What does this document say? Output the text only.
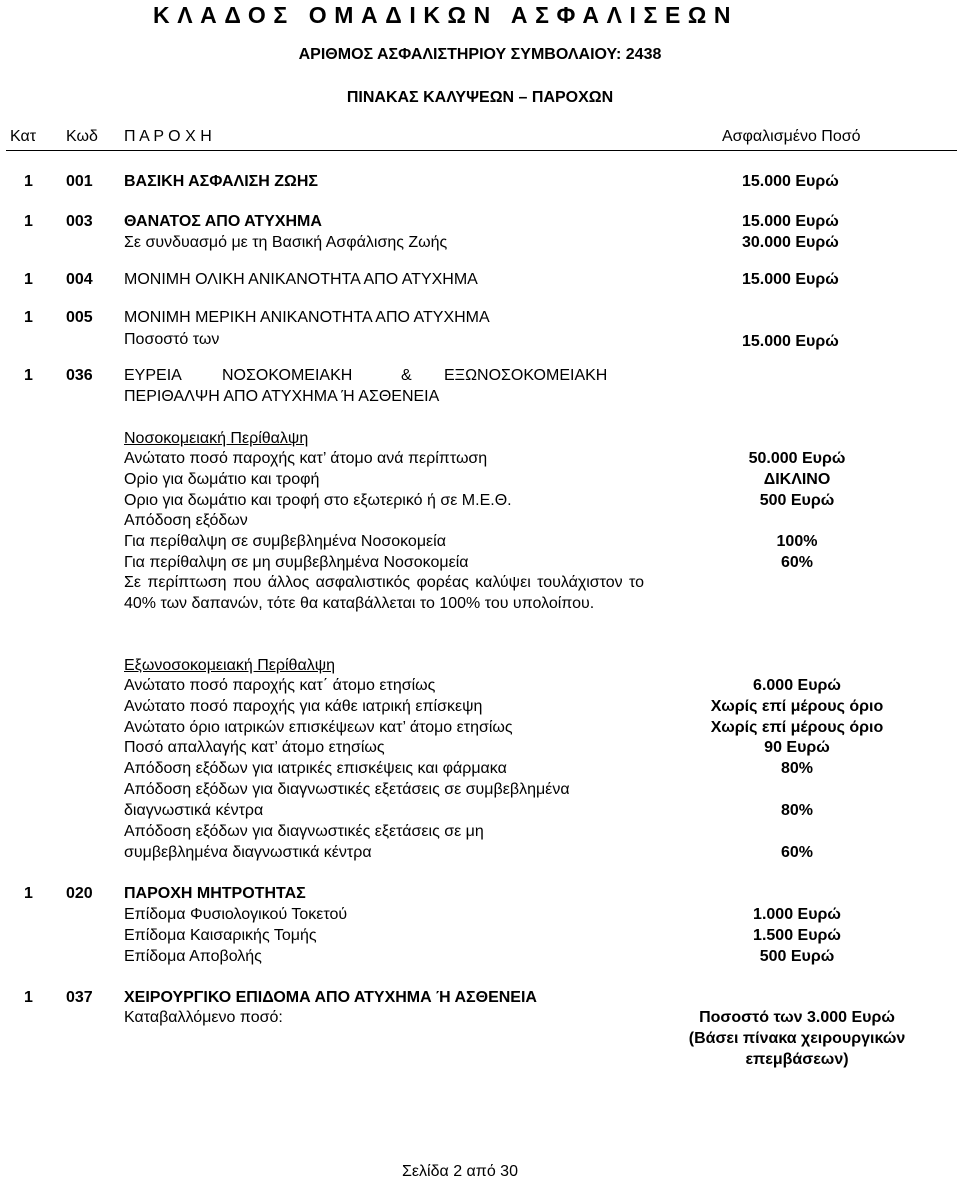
ΚΛΑΔΟΣ ΟΜΑΔΙΚΩΝ ΑΣΦΑΛΙΣΕΩΝ
ΑΡΙΘΜΟΣ ΑΣΦΑΛΙΣΤΗΡΙΟΥ ΣΥΜΒΟΛΑΙΟΥ: 2438
ΠΙΝΑΚΑΣ ΚΑΛΥΨΕΩΝ – ΠΑΡΟΧΩΝ
Κατ Κωδ Π Α Ρ Ο Χ Η	Ασφαλισμένο Ποσό
1 001 ΒΑΣΙΚΗ ΑΣΦΑΛΙΣΗ ΖΩΗΣ	15.000 Ευρώ
1 003 ΘΑΝΑΤΟΣ ΑΠΟ ΑΤΥΧΗΜΑ	15.000 Ευρώ
Σε συνδυασμό με τη Βασική Ασφάλισης Ζωής	30.000 Ευρώ
1 004 ΜΟΝΙΜΗ ΟΛΙΚΗ ΑΝΙΚΑΝΟΤΗΤΑ ΑΠΟ ΑΤΥΧΗΜΑ	15.000 Ευρώ
1 005 ΜΟΝΙΜΗ ΜΕΡΙΚΗ ΑΝΙΚΑΝΟΤΗΤΑ ΑΠΟ ΑΤΥΧΗΜΑ
Ποσοστό των	15.000 Ευρώ
1 036 ΕΥΡΕΙΑ	ΝΟΣΟΚΟΜΕΙΑΚΗ	& ΕΞΩΝΟΣΟΚΟΜΕΙΑΚΗ
ΠΕΡΙΘΑΛΨΗ ΑΠΟ ΑΤΥΧΗΜΑ Ή ΑΣΘΕΝΕΙΑ
Νοσοκομειακή Περίθαλψη
Ανώτατο ποσό παροχής κατ’ άτομο ανά περίπτωση	50.000 Ευρώ
Ορio για δωμάτιο και τροφή	ΔΙΚΛΙΝΟ
Οριο για δωμάτιο και τροφή στο εξωτερικό ή σε Μ.Ε.Θ.	500 Ευρώ
Απόδοση εξόδων
Για περίθαλψη σε συμβεβλημένα Νοσοκομεία	100%
Για περίθαλψη σε μη συμβεβλημένα Νοσοκομεία	60%
Σε περίπτωση που άλλος ασφαλιστικός φορέας καλύψει τουλάχιστον το 40% των δαπανών, τότε θα καταβάλλεται το 100% του υπολοίπου.
Εξωνοσοκομειακή Περίθαλψη
Ανώτατο ποσό παροχής κατ΄ άτομο ετησίως	6.000 Ευρώ
Ανώτατο ποσό παροχής για κάθε ιατρική επίσκεψη	Χωρίς επί μέρους όριο
Ανώτατο όριο ιατρικών επισκέψεων κατ’ άτομο ετησίως	Χωρίς επί μέρους όριο
Ποσό απαλλαγής κατ’ άτομο ετησίως	90 Ευρώ
Απόδοση εξόδων για ιατρικές επισκέψεις και φάρμακα	80%
Απόδοση εξόδων για διαγνωστικές εξετάσεις σε συμβεβλημένα
διαγνωστικά κέντρα	80%
Απόδοση εξόδων για διαγνωστικές εξετάσεις σε μη
συμβεβλημένα διαγνωστικά κέντρα	60%
1 020 ΠΑΡΟΧΗ ΜΗΤΡΟΤΗΤΑΣ
Επίδομα Φυσιολογικού Τοκετού	1.000 Ευρώ
Επίδομα Καισαρικής Τομής	1.500 Ευρώ
Επίδομα Αποβολής	500 Ευρώ
1 037 ΧΕΙΡΟΥΡΓΙΚΟ ΕΠΙΔΟΜΑ ΑΠΟ ΑΤΥΧΗΜΑ Ή ΑΣΘΕΝΕΙΑ
Καταβαλλόμενο ποσό:	Ποσοστό των 3.000 Ευρώ
(Βάσει πίνακα χειρουργικών
επεμβάσεων)
Σελίδα 2 από 30
